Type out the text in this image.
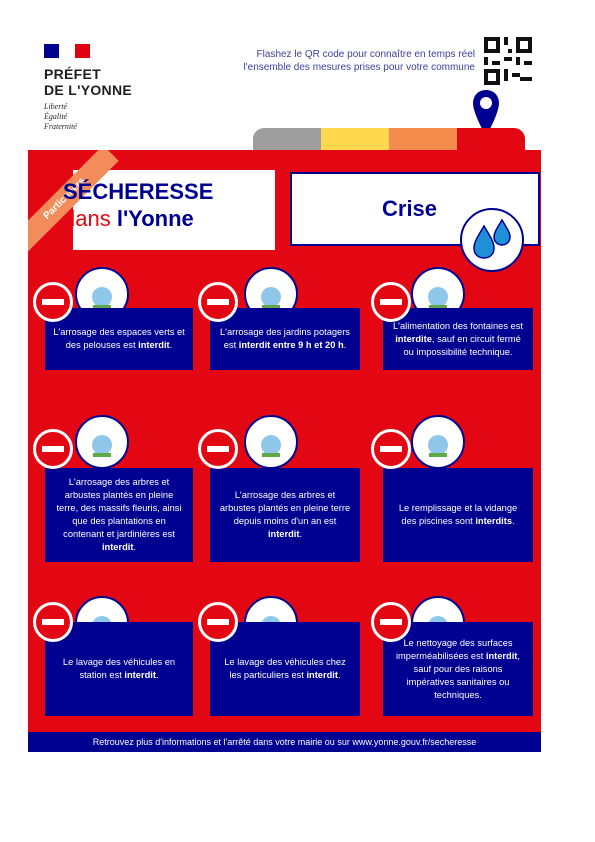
PRÉFET
DE L'YONNE
Liberté
Égalité
Fraternité
Flashez le QR code pour connaître en temps réel
l'ensemble des mesures prises pour votre commune
Particuliers
SÉCHERESSE
dans l'Yonne	Crise

L'arrosage des espaces verts et des pelouses est interdit.

L'arrosage des jardins potagers est interdit entre 9 h et 20 h.

L'alimentation des fontaines est interdite, sauf en circuit fermé ou impossibilité technique.

L'arrosage des arbres et arbustes plantés en pleine terre, des massifs fleuris, ainsi que des plantations en contenant et jardinières est interdit.

L'arrosage des arbres et arbustes plantés en pleine terre depuis moins d'un an est interdit.

Le remplissage et la vidange des piscines sont interdits.

Le lavage des véhicules en station est interdit.

Le lavage des véhicules chez les particuliers est interdit.

Le nettoyage des surfaces imperméabilisées est interdit, sauf pour des raisons impératives sanitaires ou techniques.

Retrouvez plus d'informations et l'arrêté dans votre mairie ou sur www.yonne.gouv.fr/secheresse
